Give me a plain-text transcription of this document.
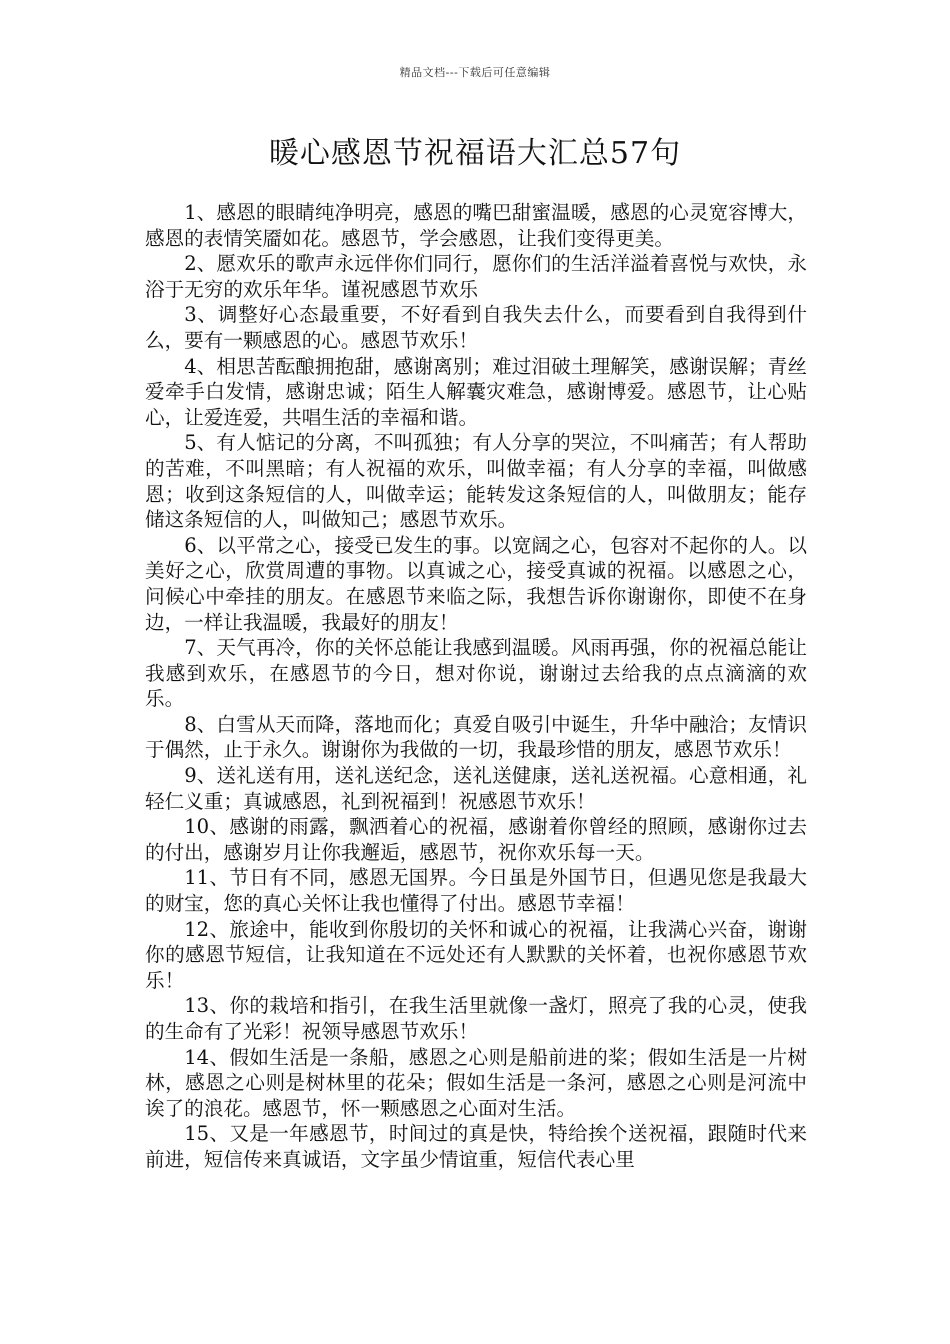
精品文档---下载后可任意编辑
暖心感恩节祝福语大汇总57句

1、感恩的眼睛纯净明亮，感恩的嘴巴甜蜜温暖，感恩的心灵宽容博大，感恩的表情笑靥如花。感恩节，学会感恩，让我们变得更美。

2、愿欢乐的歌声永远伴你们同行，愿你们的生活洋溢着喜悦与欢快，永浴于无穷的欢乐年华。谨祝感恩节欢乐

3、调整好心态最重要，不好看到自我失去什么，而要看到自我得到什么，要有一颗感恩的心。感恩节欢乐！

4、相思苦酝酿拥抱甜，感谢离别；难过泪破土理解笑，感谢误解；青丝爱牵手白发情，感谢忠诚；陌生人解囊灾难急，感谢博爱。感恩节，让心贴心，让爱连爱，共唱生活的幸福和谐。

5、有人惦记的分离，不叫孤独；有人分享的哭泣，不叫痛苦；有人帮助的苦难，不叫黑暗；有人祝福的欢乐，叫做幸福；有人分享的幸福，叫做感恩；收到这条短信的人，叫做幸运；能转发这条短信的人，叫做朋友；能存储这条短信的人，叫做知己；感恩节欢乐。

6、以平常之心，接受已发生的事。以宽阔之心，包容对不起你的人。以美好之心，欣赏周遭的事物。以真诚之心，接受真诚的祝福。以感恩之心，问候心中牵挂的朋友。在感恩节来临之际，我想告诉你谢谢你，即使不在身边，一样让我温暖，我最好的朋友！

7、天气再冷，你的关怀总能让我感到温暖。风雨再强，你的祝福总能让我感到欢乐，在感恩节的今日，想对你说，谢谢过去给我的点点滴滴的欢乐。

8、白雪从天而降，落地而化；真爱自吸引中诞生，升华中融洽；友情识于偶然，止于永久。谢谢你为我做的一切，我最珍惜的朋友，感恩节欢乐！

9、送礼送有用，送礼送纪念，送礼送健康，送礼送祝福。心意相通，礼轻仁义重；真诚感恩，礼到祝福到！祝感恩节欢乐！

10、感谢的雨露，飘洒着心的祝福，感谢着你曾经的照顾，感谢你过去的付出，感谢岁月让你我邂逅，感恩节，祝你欢乐每一天。

11、节日有不同，感恩无国界。今日虽是外国节日，但遇见您是我最大的财宝，您的真心关怀让我也懂得了付出。感恩节幸福！

12、旅途中，能收到你殷切的关怀和诚心的祝福，让我满心兴奋，谢谢你的感恩节短信，让我知道在不远处还有人默默的关怀着，也祝你感恩节欢乐！

13、你的栽培和指引，在我生活里就像一盏灯，照亮了我的心灵，使我的生命有了光彩！祝领导感恩节欢乐！

14、假如生活是一条船，感恩之心则是船前进的桨；假如生活是一片树林，感恩之心则是树林里的花朵；假如生活是一条河，感恩之心则是河流中诶了的浪花。感恩节，怀一颗感恩之心面对生活。

15、又是一年感恩节，时间过的真是快，特给挨个送祝福，跟随时代来前进，短信传来真诚语，文字虽少情谊重，短信代表心里
